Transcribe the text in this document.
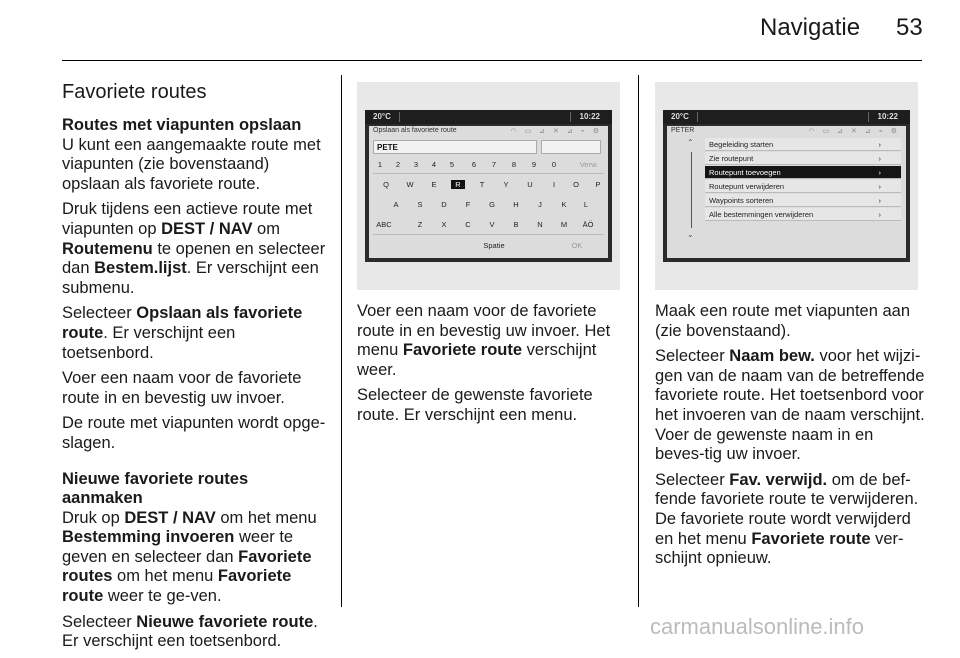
Navigatie 53
Favoriete routes

Routes met viapunten opslaan

U kunt een aangemaakte route met viapunten (zie bovenstaand) opslaan als favoriete route.

Druk tijdens een actieve route met viapunten op DEST / NAV om Routemenu te openen en selecteer dan Bestem.lijst. Er verschijnt een submenu.

Selecteer Opslaan als favoriete route. Er verschijnt een toetsenbord.

Voer een naam voor de favoriete route in en bevestig uw invoer.

De route met viapunten wordt opge-slagen.

Nieuwe favoriete routes aanmaken

Druk op DEST / NAV om het menu Bestemming invoeren weer te geven en selecteer dan Favoriete routes om het menu Favoriete route weer te ge-ven.

Selecteer Nieuwe favoriete route. Er verschijnt een toetsenbord.

20°C	10:22
Opslaan als favoriete route	◠ ▭ ⊿ ✕ ⊿ ⌁ ⚙
PETE
1	2	3	4	5	6	7	8	9	0	Verw.
Q	W	E	R	T	Y	U	I	O	P
A	S	D	F	G	H	J	K	L
ABC	Z	X	C	V	B	N	M	ÄÖ
Spatie	OK

Voer een naam voor de favoriete route in en bevestig uw invoer. Het menu Favoriete route verschijnt weer.

Selecteer de gewenste favoriete route. Er verschijnt een menu.

20°C	10:22
PETER	◠ ▭ ⊿ ✕ ⊿ ⌁ ⚙
⌃
⌄
Begeleiding starten	›
Zie routepunt	›
Routepunt toevoegen	›
Routepunt verwijderen	›
Waypoints sorteren	›
Alle bestemmingen verwijderen	›

Maak een route met viapunten aan (zie bovenstaand).

Selecteer Naam bew. voor het wijzi-gen van de naam van de betreffende favoriete route. Het toetsenbord voor het invoeren van de naam verschijnt. Voer de gewenste naam in en beves-tig uw invoer.

Selecteer Fav. verwijd. om de bef-fende favoriete route te verwijderen. De favoriete route wordt verwijderd en het menu Favoriete route ver-schijnt opnieuw.

carmanualsonline.info
